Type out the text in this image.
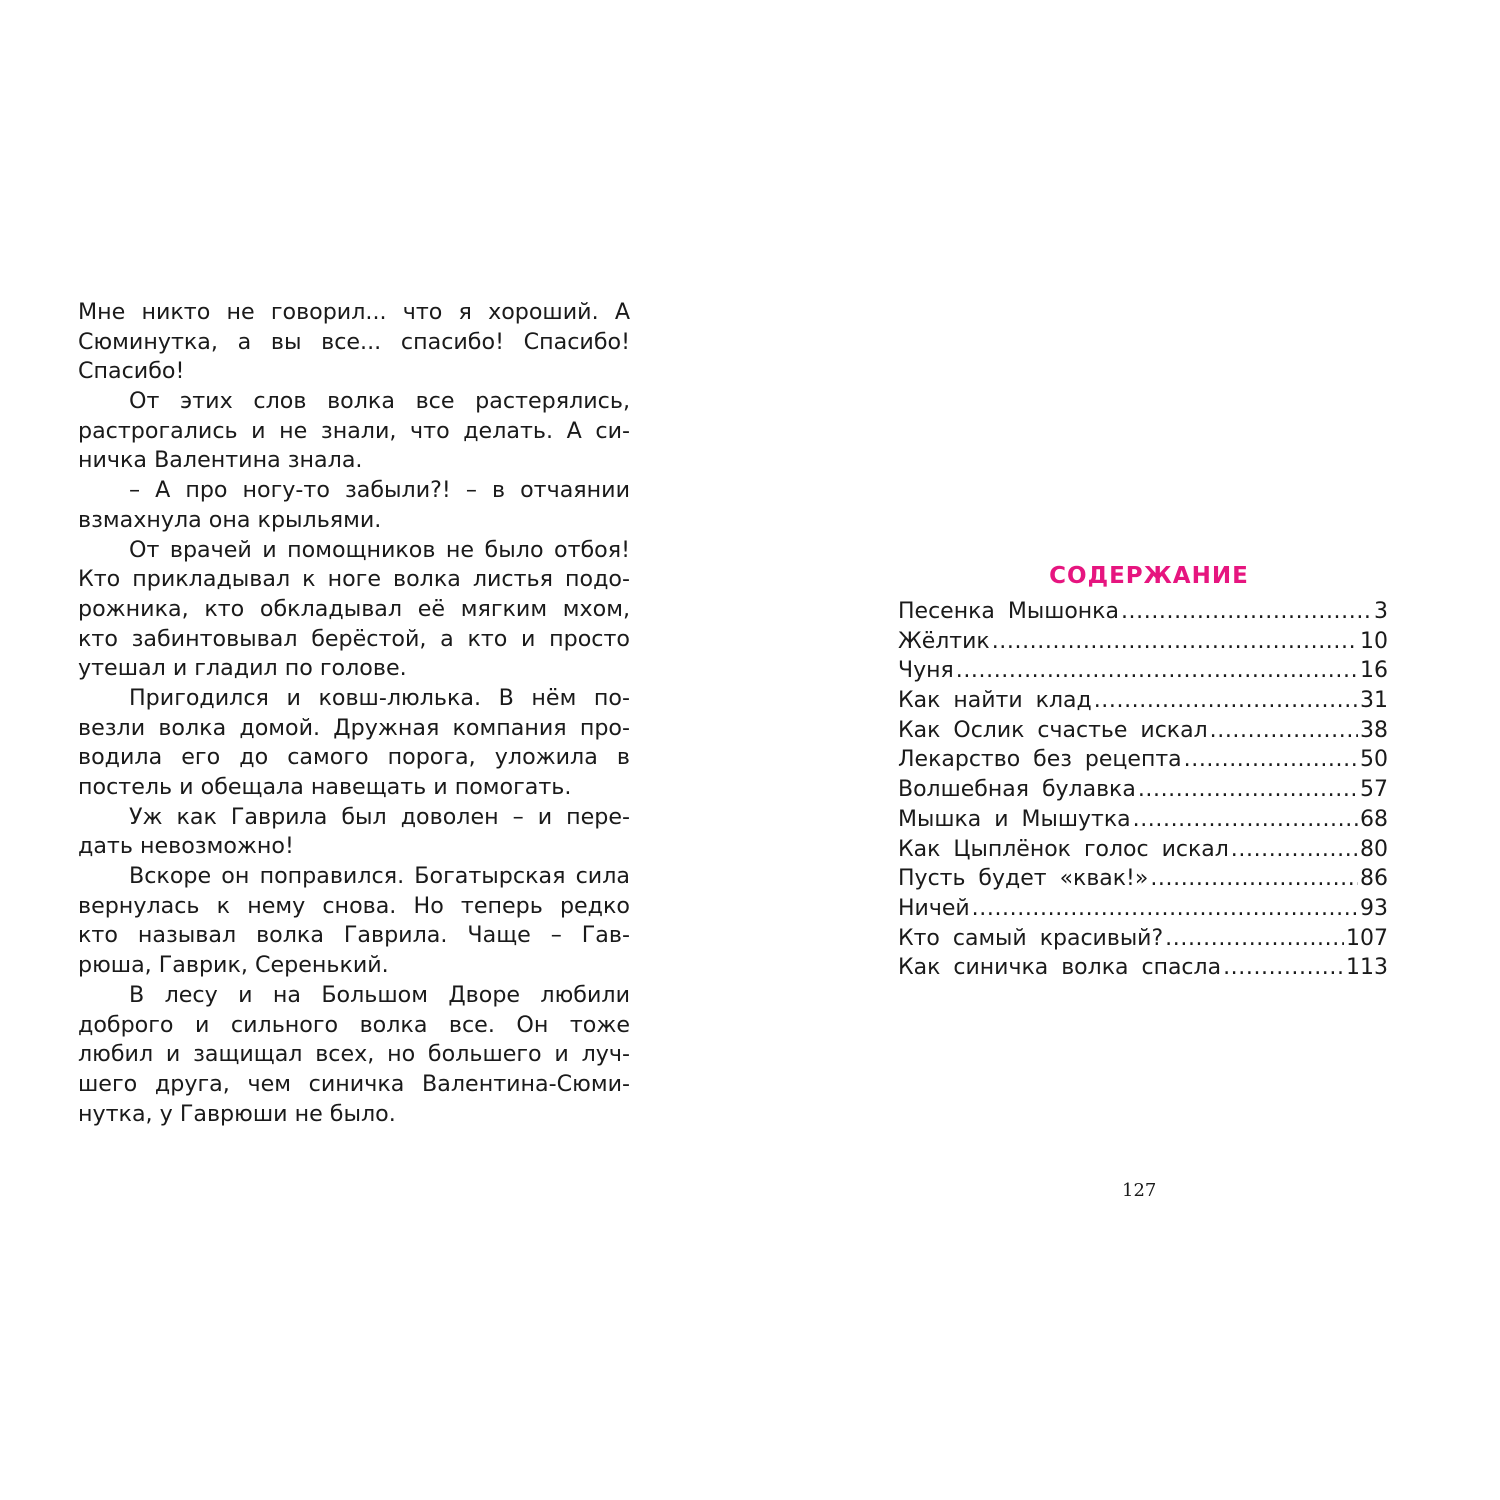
Мне никто не говорил... что я хороший. А
Сюминутка, а вы все... спасибо! Спасибо!
Спасибо!
От этих слов волка все растерялись,
растрогались и не знали, что делать. А си-
ничка Валентина знала.
– А про ногу-то забыли?! – в отчаянии
взмахнула она крыльями.
От врачей и помощников не было отбоя!
Кто прикладывал к ноге волка листья подо-
рожника, кто обкладывал её мягким мхом,
кто забинтовывал берёстой, а кто и просто
утешал и гладил по голове.
Пригодился и ковш-люлька. В нём по-
везли волка домой. Дружная компания про-
водила его до самого порога, уложила в
постель и обещала навещать и помогать.
Уж как Гаврила был доволен – и пере-
дать невозможно!
Вскоре он поправился. Богатырская сила
вернулась к нему снова. Но теперь редко
кто называл волка Гаврила. Чаще – Гав-
рюша, Гаврик, Серенький.
В лесу и на Большом Дворе любили
доброго и сильного волка все. Он тоже
любил и защищал всех, но большего и луч-
шего друга, чем синичка Валентина-Сюми-
нутка, у Гаврюши не было.
СОДЕРЖАНИЕ
Песенка Мышонка .....	3
Жёлтик .....	10
Чуня .....	16
Как найти клад .....	31
Как Ослик счастье искал .....	38
Лекарство без рецепта .....	50
Волшебная булавка .....	57
Мышка и Мышутка .....	68
Как Цыплёнок голос искал .....	80
Пусть будет «квак!» .....	86
Ничей .....	93
Кто самый красивый? .....	107
Как синичка волка спасла .....	113
127
